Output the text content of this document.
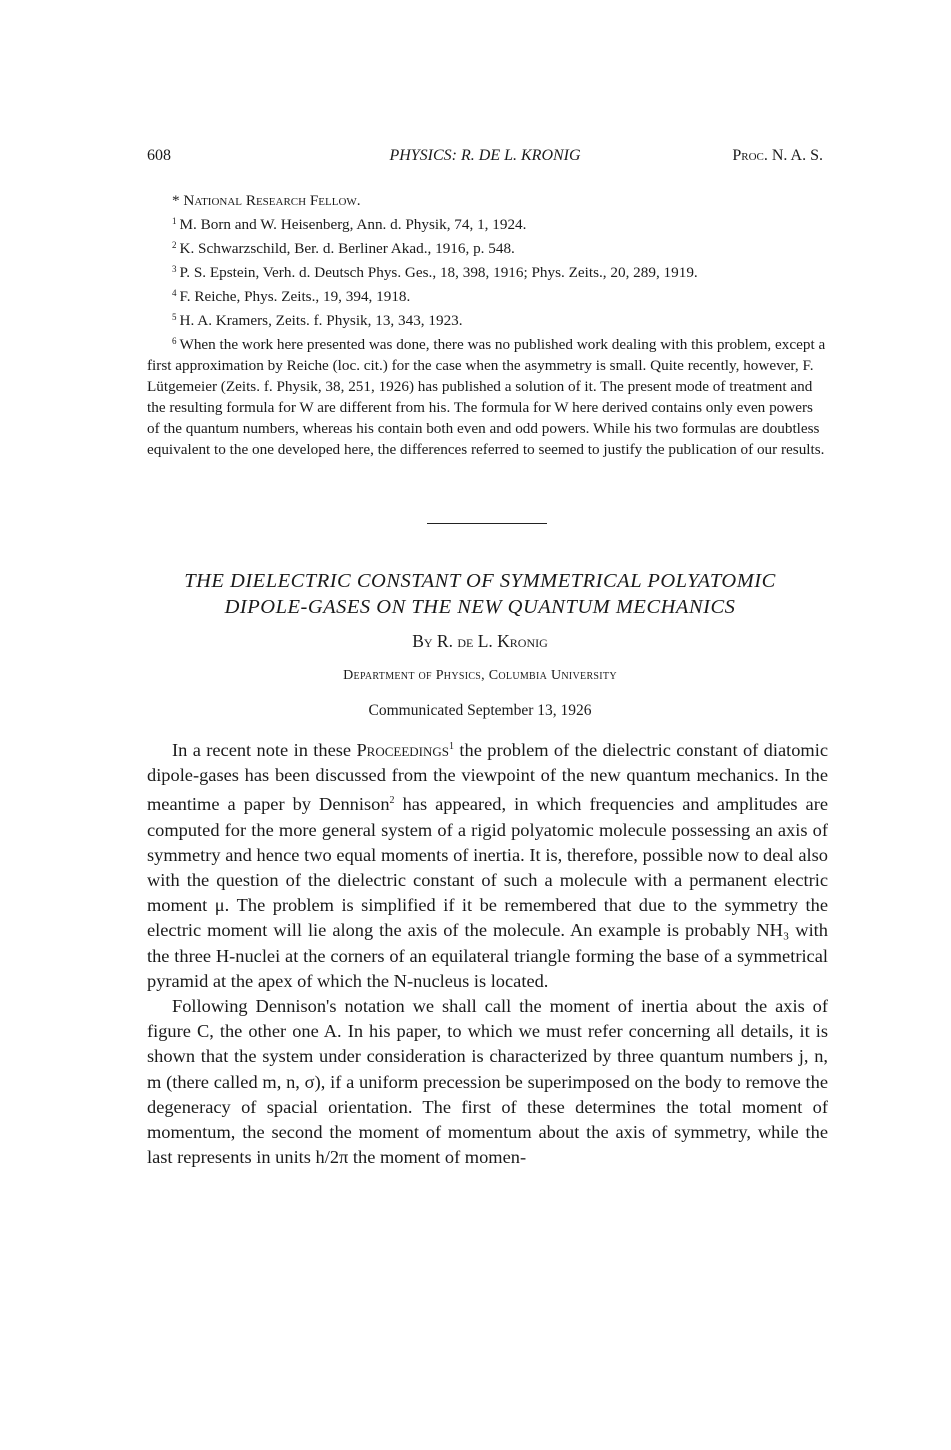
608	PHYSICS: R. DE L. KRONIG	Proc. N. A. S.

* National Research Fellow.

$^1$ M. Born and W. Heisenberg, Ann. d. Physik, 74, 1, 1924.

$^2$ K. Schwarzschild, Ber. d. Berliner Akad., 1916, p. 548.

$^3$ P. S. Epstein, Verh. d. Deutsch Phys. Ges., 18, 398, 1916; Phys. Zeits., 20, 289, 1919.

$^4$ F. Reiche, Phys. Zeits., 19, 394, 1918.

$^5$ H. A. Kramers, Zeits. f. Physik, 13, 343, 1923.

$^6$ When the work here presented was done, there was no published work dealing with this problem, except a first approximation by Reiche (loc. cit.) for the case when the asymmetry is small. Quite recently, however, F. Lütgemeier (Zeits. f. Physik, 38, 251, 1926) has published a solution of it. The present mode of treatment and the resulting formula for W are different from his. The formula for W here derived contains only even powers of the quantum numbers, whereas his contain both even and odd powers. While his two formulas are doubtless equivalent to the one developed here, the differences referred to seemed to justify the publication of our results.

THE DIELECTRIC CONSTANT OF SYMMETRICAL POLYATOMIC
DIPOLE-GASES ON THE NEW QUANTUM MECHANICS
By R. de L. Kronig
Department of Physics, Columbia University
Communicated September 13, 1926

In a recent note in these Proceedings$^1$ the problem of the dielectric constant of diatomic dipole-gases has been discussed from the viewpoint of the new quantum mechanics. In the meantime a paper by Dennison$^2$ has appeared, in which frequencies and amplitudes are computed for the more general system of a rigid polyatomic molecule possessing an axis of symmetry and hence two equal moments of inertia. It is, therefore, possible now to deal also with the question of the dielectric constant of such a molecule with a permanent electric moment μ. The problem is simplified if it be remembered that due to the symmetry the electric moment will lie along the axis of the molecule. An example is probably NH₃ with the three H-nuclei at the corners of an equilateral triangle forming the base of a symmetrical pyramid at the apex of which the N-nucleus is located.

Following Dennison's notation we shall call the moment of inertia about the axis of figure C, the other one A. In his paper, to which we must refer concerning all details, it is shown that the system under consideration is characterized by three quantum numbers j, n, m (there called m, n, σ), if a uniform precession be superimposed on the body to remove the degeneracy of spacial orientation. The first of these determines the total moment of momentum, the second the moment of momentum about the axis of symmetry, while the last represents in units h/2π the moment of momen-
